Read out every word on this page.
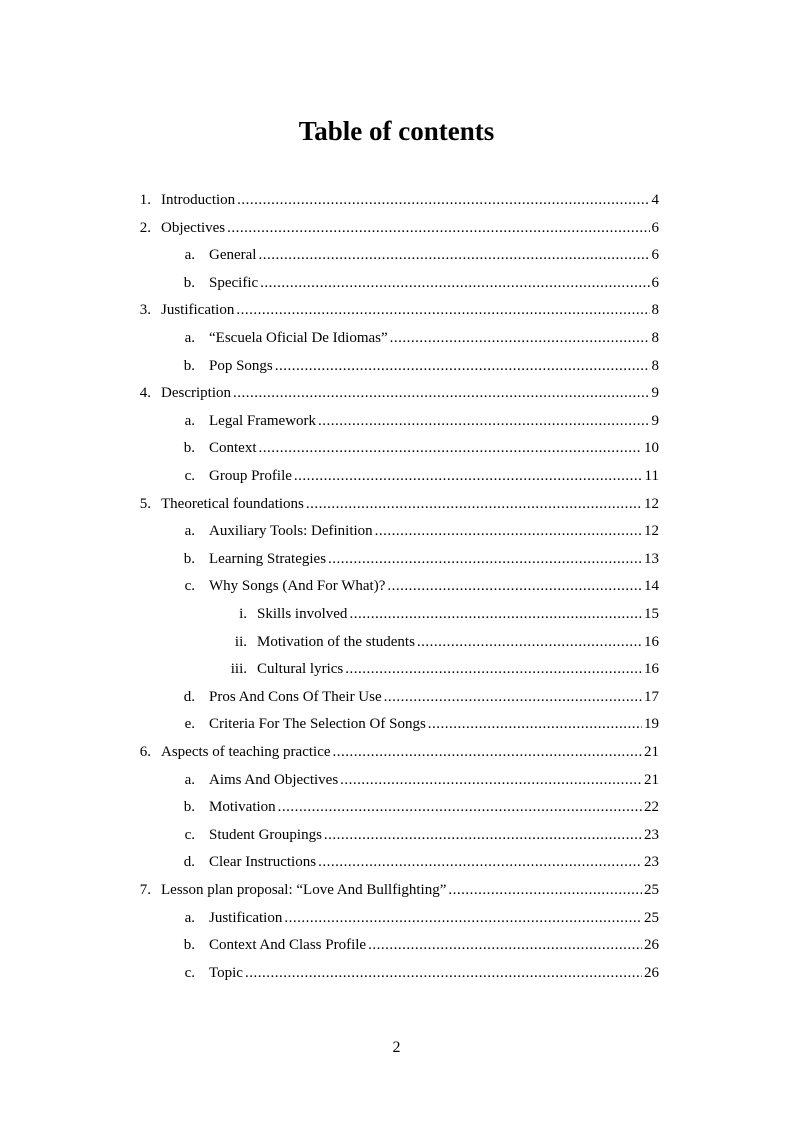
Table of contents
1. Introduction .....	4
2. Objectives .....	6
a. General .....	6
b. Specific .....	6
3. Justification .....	8
a. “Escuela Oficial De Idiomas” .....	8
b. Pop Songs .....	8
4. Description .....	9
a. Legal Framework .....	9
b. Context .....	10
c. Group Profile .....	11
5. Theoretical foundations .....	12
a. Auxiliary Tools: Definition .....	12
b. Learning Strategies .....	13
c. Why Songs (And For What)? .....	14
i. Skills involved .....	15
ii. Motivation of the students .....	16
iii. Cultural lyrics .....	16
d. Pros And Cons Of Their Use .....	17
e. Criteria For The Selection Of Songs .....	19
6. Aspects of teaching practice .....	21
a. Aims And Objectives .....	21
b. Motivation .....	22
c. Student Groupings .....	23
d. Clear Instructions .....	23
7. Lesson plan proposal: “Love And Bullfighting” .....	25
a. Justification .....	25
b. Context And Class Profile .....	26
c. Topic .....	26
2
